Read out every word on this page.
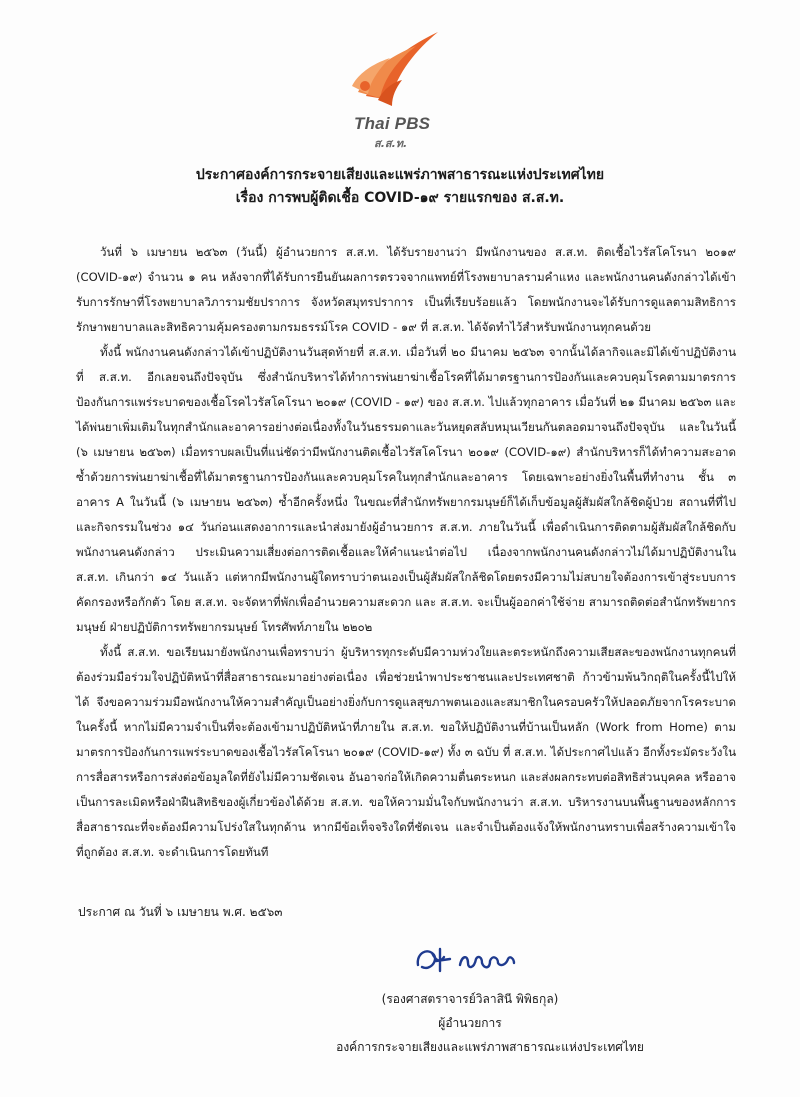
Thai PBS
ส.ส.ท.
ประกาศองค์การกระจายเสียงและแพร่ภาพสาธารณะแห่งประเทศไทย
เรื่อง การพบผู้ติดเชื้อ COVID-๑๙ รายแรกของ ส.ส.ท.

วันที่ ๖ เมษายน ๒๕๖๓ (วันนี้) ผู้อำนวยการ ส.ส.ท. ได้รับรายงานว่า มีพนักงานของ ส.ส.ท. ติดเชื้อไวรัสโคโรนา ๒๐๑๙ (COVID-๑๙) จำนวน ๑ คน หลังจากที่ได้รับการยืนยันผลการตรวจจากแพทย์ที่โรงพยาบาลรามคำแหง และพนักงานคนดังกล่าวได้เข้ารับการรักษาที่โรงพยาบาลวิภารามชัยปราการ จังหวัดสมุทรปราการ เป็นที่เรียบร้อยแล้ว โดยพนักงานจะได้รับการดูแลตามสิทธิการรักษาพยาบาลและสิทธิความคุ้มครองตามกรมธรรม์โรค COVID - ๑๙ ที่ ส.ส.ท. ได้จัดทำไว้สำหรับพนักงานทุกคนด้วย

ทั้งนี้ พนักงานคนดังกล่าวได้เข้าปฏิบัติงานวันสุดท้ายที่ ส.ส.ท. เมื่อวันที่ ๒๐ มีนาคม ๒๕๖๓ จากนั้นได้ลากิจและมิได้เข้าปฏิบัติงานที่ ส.ส.ท. อีกเลยจนถึงปัจจุบัน ซึ่งสำนักบริหารได้ทำการพ่นยาฆ่าเชื้อโรคที่ได้มาตรฐานการป้องกันและควบคุมโรคตามมาตรการป้องกันการแพร่ระบาดของเชื้อโรคไวรัสโคโรนา ๒๐๑๙ (COVID - ๑๙) ของ ส.ส.ท. ไปแล้วทุกอาคาร เมื่อวันที่ ๒๑ มีนาคม ๒๕๖๓ และได้พ่นยาเพิ่มเติมในทุกสำนักและอาคารอย่างต่อเนื่องทั้งในวันธรรมดาและวันหยุดสลับหมุนเวียนกันตลอดมาจนถึงปัจจุบัน และในวันนี้ (๖ เมษายน ๒๕๖๓) เมื่อทราบผลเป็นที่แน่ชัดว่ามีพนักงานติดเชื้อไวรัสโคโรนา ๒๐๑๙ (COVID-๑๙) สำนักบริหารก็ได้ทำความสะอาดซ้ำด้วยการพ่นยาฆ่าเชื้อที่ได้มาตรฐานการป้องกันและควบคุมโรคในทุกสำนักและอาคาร โดยเฉพาะอย่างยิ่งในพื้นที่ทำงาน ชั้น ๓ อาคาร A ในวันนี้ (๖ เมษายน ๒๕๖๓) ซ้ำอีกครั้งหนึ่ง ในขณะที่สำนักทรัพยากรมนุษย์ก็ได้เก็บข้อมูลผู้สัมผัสใกล้ชิดผู้ป่วย สถานที่ที่ไป และกิจกรรมในช่วง ๑๔ วันก่อนแสดงอาการและนำส่งมายังผู้อำนวยการ ส.ส.ท. ภายในวันนี้ เพื่อดำเนินการติดตามผู้สัมผัสใกล้ชิดกับพนักงานคนดังกล่าว ประเมินความเสี่ยงต่อการติดเชื้อและให้คำแนะนำต่อไป เนื่องจากพนักงานคนดังกล่าวไม่ได้มาปฏิบัติงานใน ส.ส.ท. เกินกว่า ๑๔ วันแล้ว แต่หากมีพนักงานผู้ใดทราบว่าตนเองเป็นผู้สัมผัสใกล้ชิดโดยตรงมีความไม่สบายใจต้องการเข้าสู่ระบบการคัดกรองหรือกักตัว โดย ส.ส.ท. จะจัดหาที่พักเพื่ออำนวยความสะดวก และ ส.ส.ท. จะเป็นผู้ออกค่าใช้จ่าย สามารถติดต่อสำนักทรัพยากรมนุษย์ ฝ่ายปฏิบัติการทรัพยากรมนุษย์ โทรศัพท์ภายใน ๒๒๐๒

ทั้งนี้ ส.ส.ท. ขอเรียนมายังพนักงานเพื่อทราบว่า ผู้บริหารทุกระดับมีความห่วงใยและตระหนักถึงความเสียสละของพนักงานทุกคนที่ต้องร่วมมือร่วมใจปฏิบัติหน้าที่สื่อสาธารณะมาอย่างต่อเนื่อง เพื่อช่วยนำพาประชาชนและประเทศชาติ ก้าวข้ามพ้นวิกฤติในครั้งนี้ไปให้ได้ จึงขอความร่วมมือพนักงานให้ความสำคัญเป็นอย่างยิ่งกับการดูแลสุขภาพตนเองและสมาชิกในครอบครัวให้ปลอดภัยจากโรคระบาดในครั้งนี้ หากไม่มีความจำเป็นที่จะต้องเข้ามาปฏิบัติหน้าที่ภายใน ส.ส.ท. ขอให้ปฏิบัติงานที่บ้านเป็นหลัก (Work from Home) ตามมาตรการป้องกันการแพร่ระบาดของเชื้อไวรัสโคโรนา ๒๐๑๙ (COVID-๑๙) ทั้ง ๓ ฉบับ ที่ ส.ส.ท. ได้ประกาศไปแล้ว อีกทั้งระมัดระวังในการสื่อสารหรือการส่งต่อข้อมูลใดที่ยังไม่มีความชัดเจน อันอาจก่อให้เกิดความตื่นตระหนก และส่งผลกระทบต่อสิทธิส่วนบุคคล หรืออาจเป็นการละเมิดหรือฝ่าฝืนสิทธิของผู้เกี่ยวข้องได้ด้วย ส.ส.ท. ขอให้ความมั่นใจกับพนักงานว่า ส.ส.ท. บริหารงานบนพื้นฐานของหลักการสื่อสาธารณะที่จะต้องมีความโปร่งใสในทุกด้าน หากมีข้อเท็จจริงใดที่ชัดเจน และจำเป็นต้องแจ้งให้พนักงานทราบเพื่อสร้างความเข้าใจที่ถูกต้อง ส.ส.ท. จะดำเนินการโดยทันที

ประกาศ ณ วันที่ ๖ เมษายน พ.ศ. ๒๕๖๓
(รองศาสตราจารย์วิลาสินี พิพิธกุล)
ผู้อำนวยการ
องค์การกระจายเสียงและแพร่ภาพสาธารณะแห่งประเทศไทย
